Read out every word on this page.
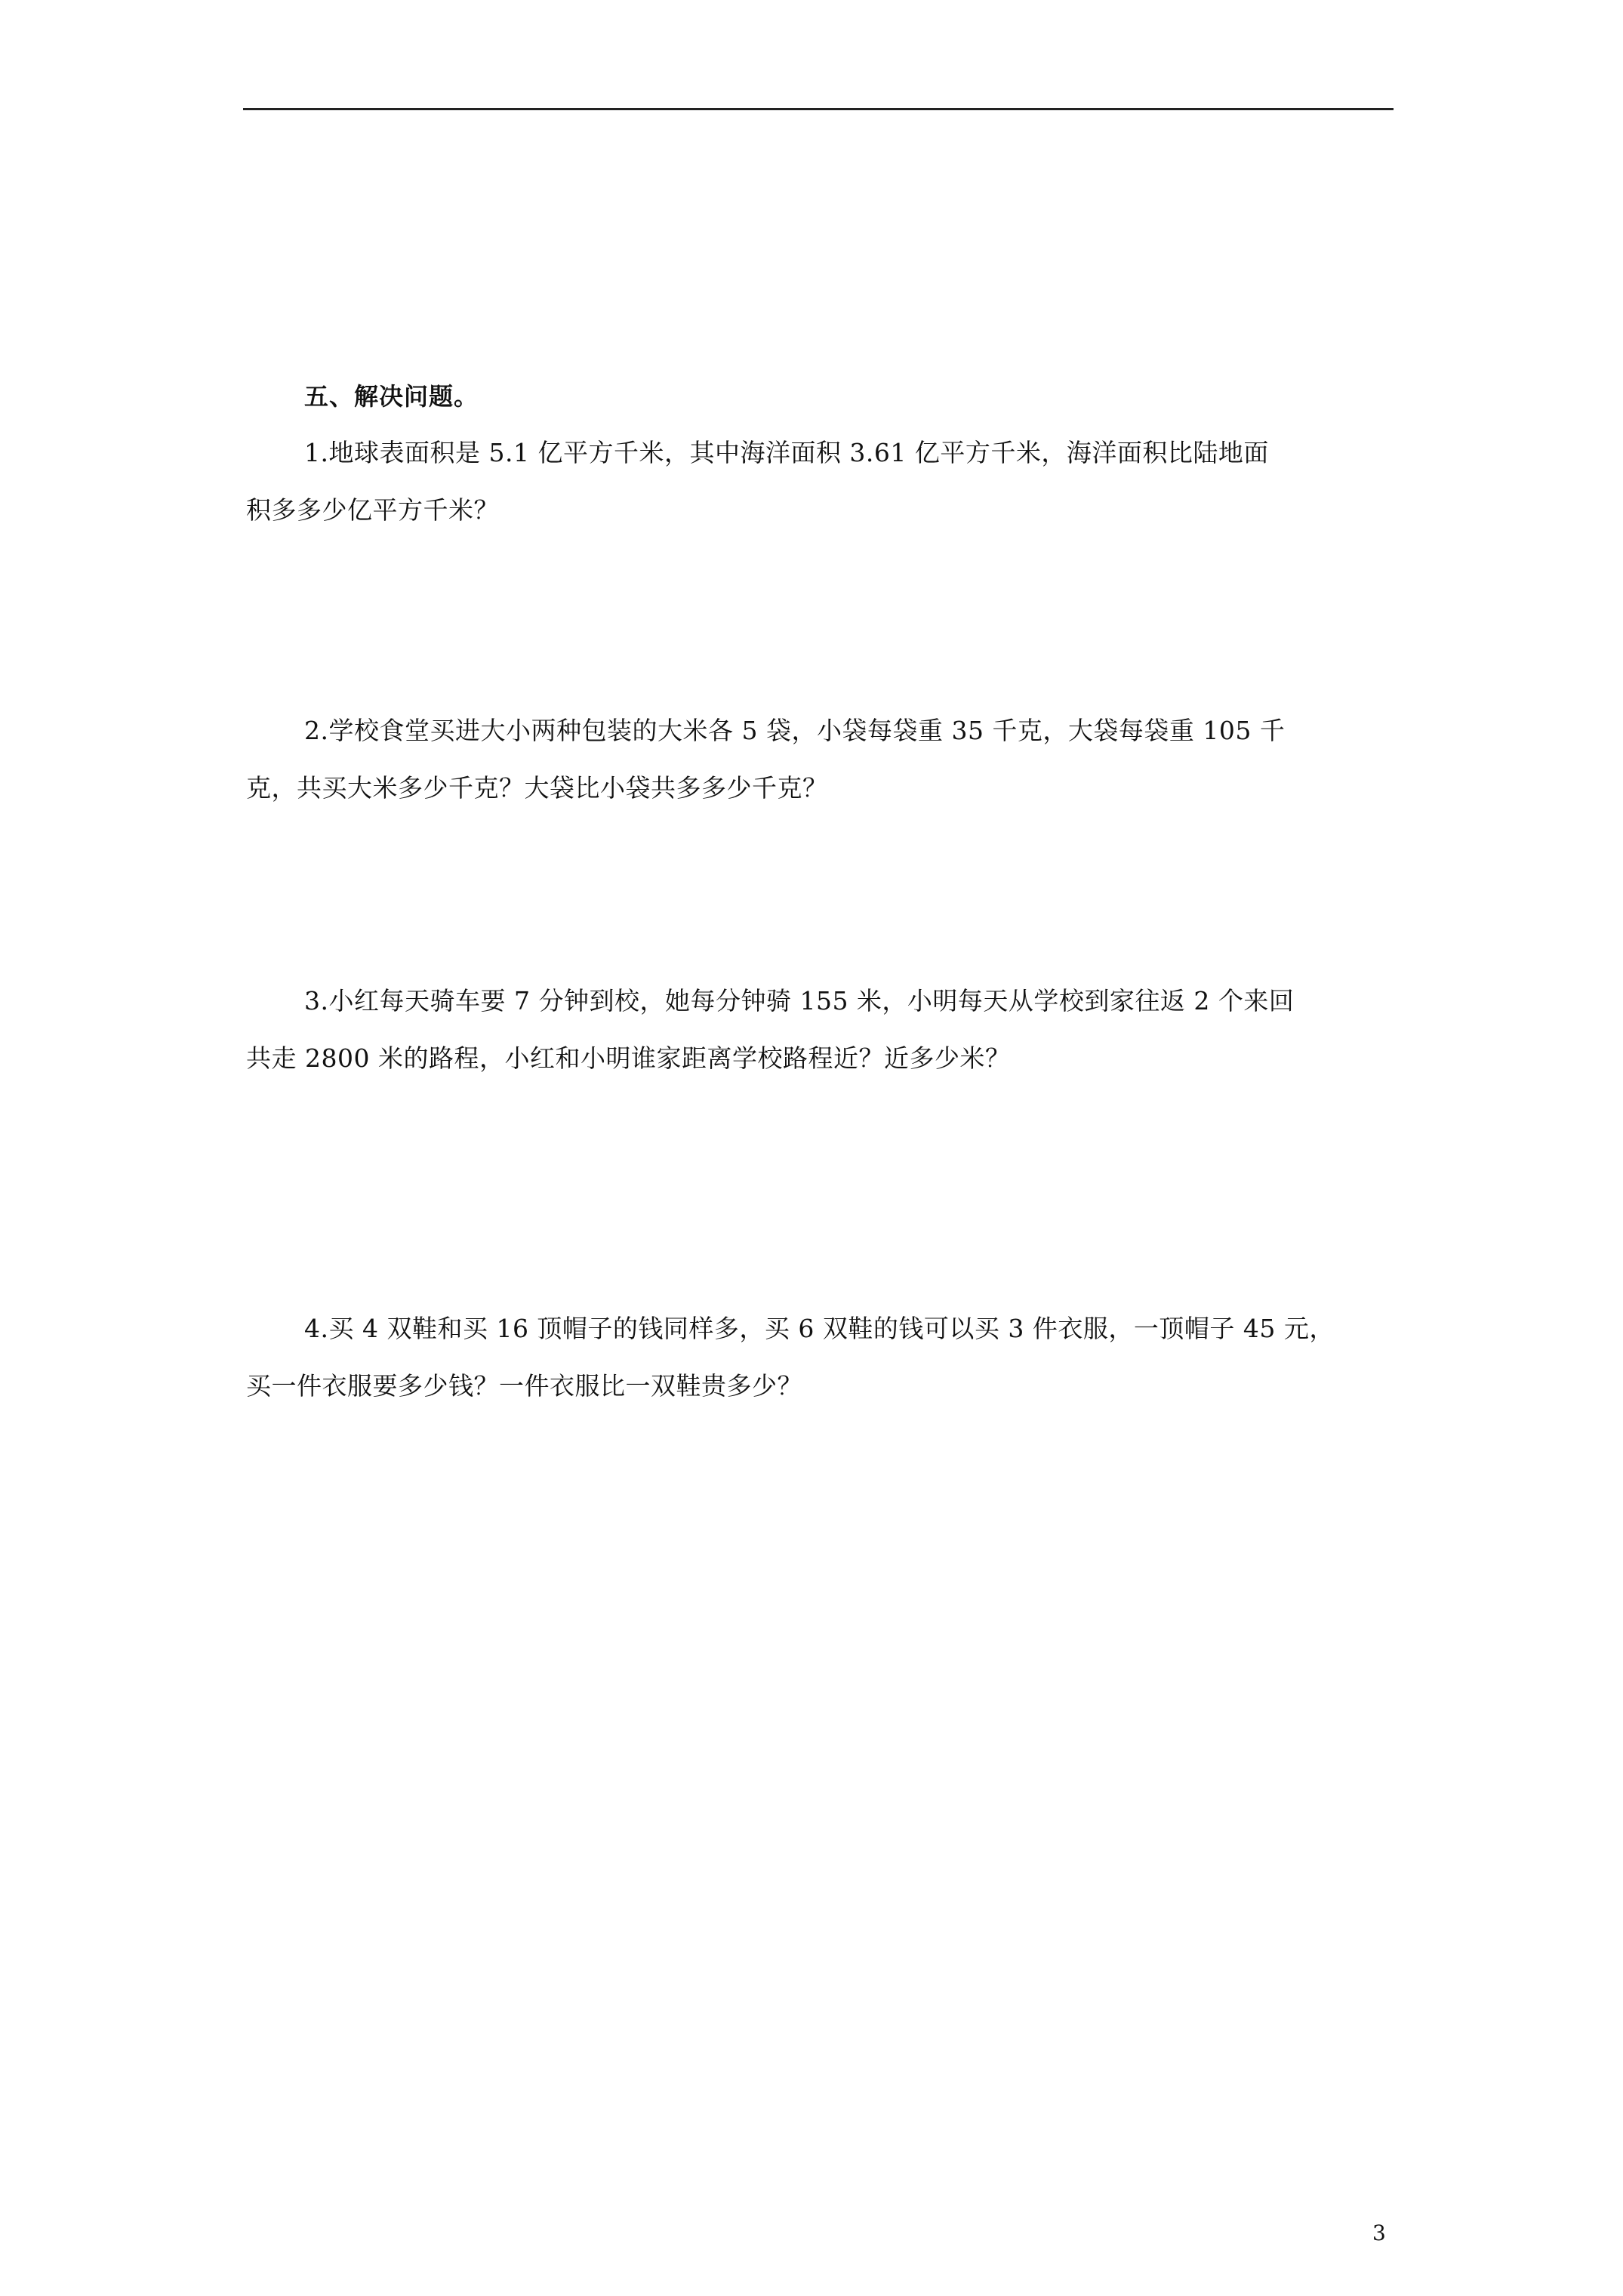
五、解决问题。
1.地球表面积是 5.1 亿平方千米，其中海洋面积 3.61 亿平方千米，海洋面积比陆地面
积多多少亿平方千米？
2.学校食堂买进大小两种包装的大米各 5 袋，小袋每袋重 35 千克，大袋每袋重 105 千
克，共买大米多少千克？大袋比小袋共多多少千克？
3.小红每天骑车要 7 分钟到校，她每分钟骑 155 米，小明每天从学校到家往返 2 个来回
共走 2800 米的路程，小红和小明谁家距离学校路程近？近多少米？
4.买 4 双鞋和买 16 顶帽子的钱同样多，买 6 双鞋的钱可以买 3 件衣服，一顶帽子 45 元，
买一件衣服要多少钱？一件衣服比一双鞋贵多少？
3
